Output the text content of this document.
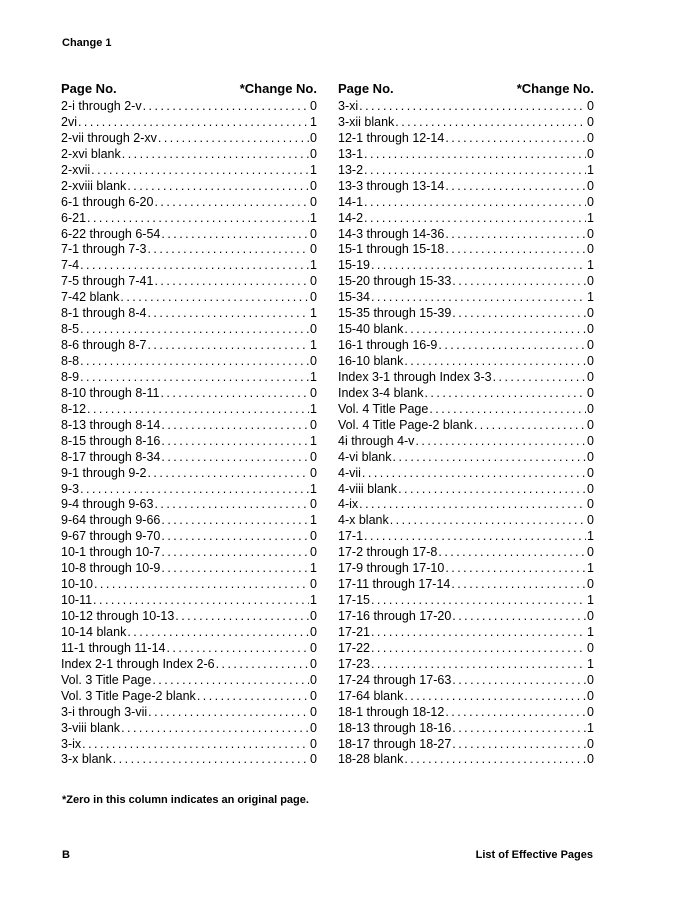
Change 1
Page No.	*Change No.
2-i through 2-v . . .	0
2vi . . .	1
2-vii through 2-xv . . .	0
2-xvi blank . . .	0
2-xvii . . .	1
2-xviii blank . . .	0
6-1 through 6-20 . . .	0
6-21 . . .	1
6-22 through 6-54 . . .	0
7-1 through 7-3 . . .	0
7-4 . . .	1
7-5 through 7-41 . . .	0
7-42 blank . . .	0
8-1 through 8-4 . . .	1
8-5 . . .	0
8-6 through 8-7 . . .	1
8-8 . . .	0
8-9 . . .	1
8-10 through 8-11 . . .	0
8-12 . . .	1
8-13 through 8-14 . . .	0
8-15 through 8-16 . . .	1
8-17 through 8-34 . . .	0
9-1 through 9-2 . . .	0
9-3 . . .	1
9-4 through 9-63 . . .	0
9-64 through 9-66 . . .	1
9-67 through 9-70 . . .	0
10-1 through 10-7 . . .	0
10-8 through 10-9 . . .	1
10-10 . . .	0
10-11 . . .	1
10-12 through 10-13 . . .	0
10-14 blank . . .	0
11-1 through 11-14 . . .	0
Index 2-1 through Index 2-6 . . .	0
Vol. 3 Title Page . . .	0
Vol. 3 Title Page-2 blank . . .	0
3-i through 3-vii . . .	0
3-viii blank . . .	0
3-ix . . .	0
3-x blank . . .	0
Page No.	*Change No.
3-xi . . .	0
3-xii blank . . .	0
12-1 through 12-14 . . .	0
13-1 . . .	0
13-2 . . .	1
13-3 through 13-14 . . .	0
14-1 . . .	0
14-2 . . .	1
14-3 through 14-36 . . .	0
15-1 through 15-18 . . .	0
15-19 . . .	1
15-20 through 15-33 . . .	0
15-34 . . .	1
15-35 through 15-39 . . .	0
15-40 blank . . .	0
16-1 through 16-9 . . .	0
16-10 blank . . .	0
Index 3-1 through Index 3-3 . . .	0
Index 3-4 blank . . .	0
Vol. 4 Title Page . . .	0
Vol. 4 Title Page-2 blank . . .	0
4i through 4-v . . .	0
4-vi blank . . .	0
4-vii . . .	0
4-viii blank . . .	0
4-ix . . .	0
4-x blank . . .	0
17-1 . . .	1
17-2 through 17-8 . . .	0
17-9 through 17-10 . . .	1
17-11 through 17-14 . . .	0
17-15 . . .	1
17-16 through 17-20 . . .	0
17-21 . . .	1
17-22 . . .	0
17-23 . . .	1
17-24 through 17-63 . . .	0
17-64 blank . . .	0
18-1 through 18-12 . . .	0
18-13 through 18-16 . . .	1
18-17 through 18-27 . . .	0
18-28 blank . . .	0
*Zero in this column indicates an original page.
B	List of Effective Pages
